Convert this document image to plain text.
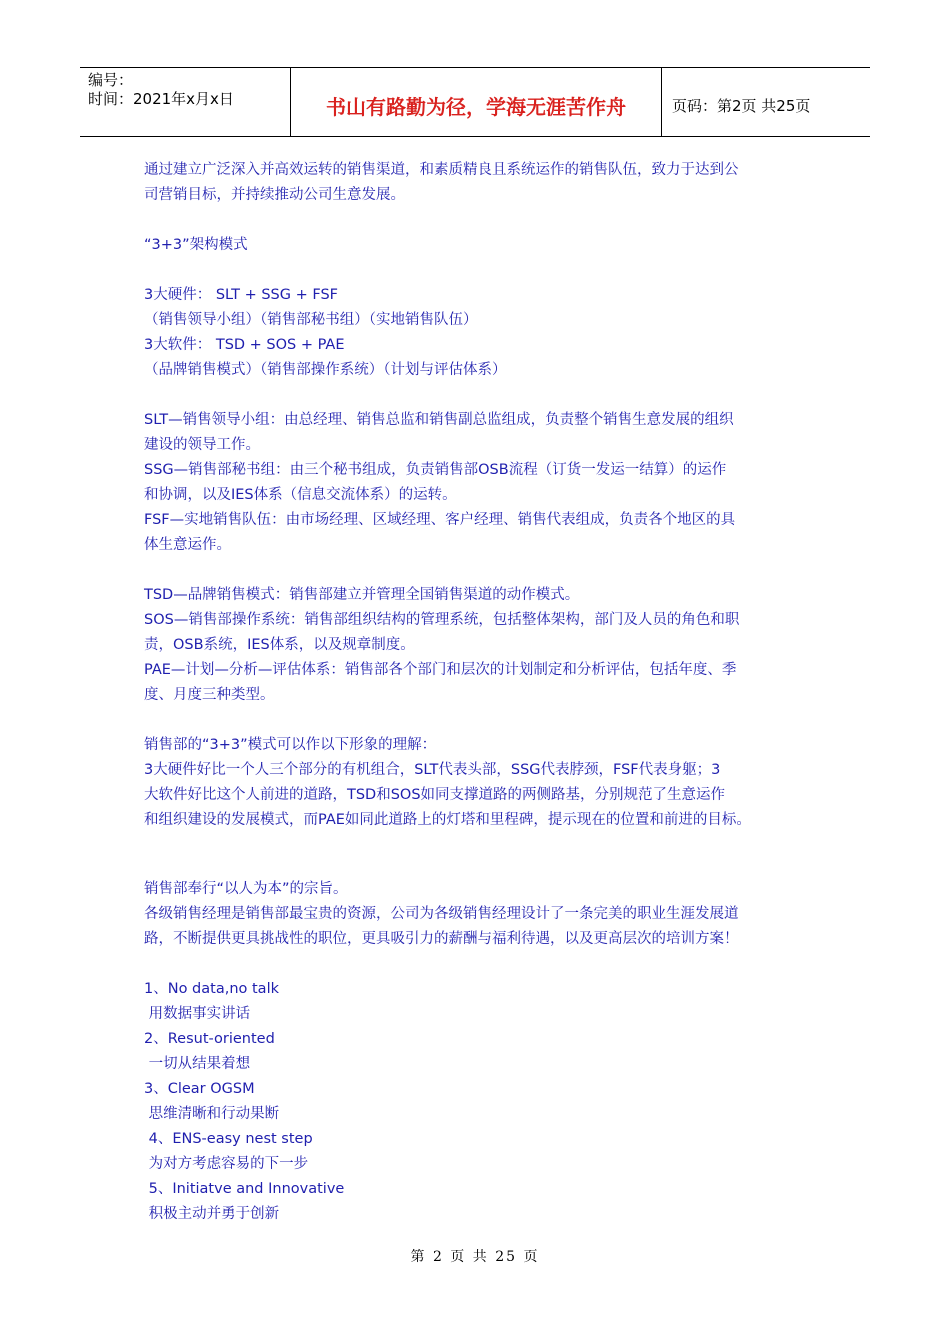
编号：
时间：2021年x月x日	书山有路勤为径，学海无涯苦作舟	页码：第2页 共25页

通过建立广泛深入并高效运转的销售渠道，和素质精良且系统运作的销售队伍，致力于达到公

司营销目标，并持续推动公司生意发展。

“3+3”架构模式

3大硬件： SLT + SSG + FSF

（销售领导小组）（销售部秘书组）（实地销售队伍）

3大软件： TSD + SOS + PAE

（品牌销售模式）（销售部操作系统）（计划与评估体系）

SLT—销售领导小组：由总经理、销售总监和销售副总监组成，负责整个销售生意发展的组织

建设的领导工作。

SSG—销售部秘书组：由三个秘书组成，负责销售部OSB流程（订货一发运一结算）的运作

和协调，以及IES体系（信息交流体系）的运转。

FSF—实地销售队伍：由市场经理、区域经理、客户经理、销售代表组成，负责各个地区的具

体生意运作。

TSD—品牌销售模式：销售部建立并管理全国销售渠道的动作模式。

SOS—销售部操作系统：销售部组织结构的管理系统，包括整体架构，部门及人员的角色和职

责，OSB系统，IES体系，以及规章制度。

PAE—计划—分析—评估体系：销售部各个部门和层次的计划制定和分析评估，包括年度、季

度、月度三种类型。

销售部的“3+3”模式可以作以下形象的理解：

3大硬件好比一个人三个部分的有机组合，SLT代表头部，SSG代表脖颈，FSF代表身躯；3

大软件好比这个人前进的道路，TSD和SOS如同支撑道路的两侧路基，分别规范了生意运作

和组织建设的发展模式，而PAE如同此道路上的灯塔和里程碑，提示现在的位置和前进的目标。

销售部奉行“以人为本”的宗旨。

各级销售经理是销售部最宝贵的资源，公司为各级销售经理设计了一条完美的职业生涯发展道

路，不断提供更具挑战性的职位，更具吸引力的薪酬与福利待遇，以及更高层次的培训方案！

1、No data,no talk

用数据事实讲话

2、Resut-oriented

一切从结果着想

3、Clear OGSM

思维清晰和行动果断

4、ENS-easy nest step

为对方考虑容易的下一步

5、Initiatve and Innovative

积极主动并勇于创新

第 2 页 共 25 页
